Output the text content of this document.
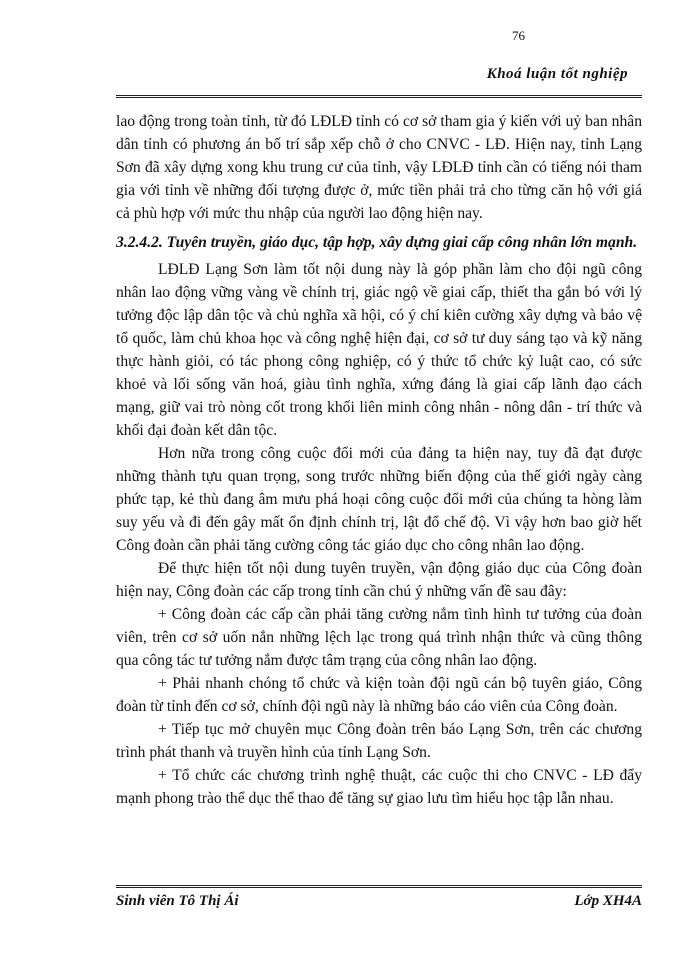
76
Khoá luận tốt nghiệp

lao động trong toàn tỉnh, từ đó LĐLĐ tỉnh có cơ sở tham gia ý kiến với uỷ ban nhân dân tỉnh có phương án bố trí sắp xếp chỗ ở cho CNVC - LĐ. Hiện nay, tỉnh Lạng Sơn đã xây dựng xong khu trung cư của tỉnh, vậy LĐLĐ tỉnh cần có tiếng nói tham gia với tỉnh về những đối tượng được ở, mức tiền phải trả cho từng căn hộ với giá cả phù hợp với mức thu nhập của người lao động hiện nay.

3.2.4.2. Tuyên truyền, giáo dục, tập hợp, xây dựng giai cấp công nhân lớn mạnh.

LĐLĐ Lạng Sơn làm tốt nội dung này là góp phần làm cho đội ngũ công nhân lao động vững vàng về chính trị, giác ngộ về giai cấp, thiết tha gắn bó với lý tưởng độc lập dân tộc và chủ nghĩa xã hội, có ý chí kiên cường xây dựng và bảo vệ tổ quốc, làm chủ khoa học và công nghệ hiện đại, cơ sở tư duy sáng tạo và kỹ năng thực hành giỏi, có tác phong công nghiệp, có ý thức tổ chức kỷ luật cao, có sức khoẻ và lối sống văn hoá, giàu tình nghĩa, xứng đáng là giai cấp lãnh đạo cách mạng, giữ vai trò nòng cốt trong khối liên minh công nhân - nông dân - trí thức và khối đại đoàn kết dân tộc.

Hơn nữa trong công cuộc đổi mới của đảng ta hiện nay, tuy đã đạt được những thành tựu quan trọng, song trước những biến động của thế giới ngày càng phức tạp, kẻ thù đang âm mưu phá hoại công cuộc đổi mới của chúng ta hòng làm suy yếu và đi đến gây mất ổn định chính trị, lật đổ chế độ. Vì vậy hơn bao giờ hết Công đoàn cần phải tăng cường công tác giáo dục cho công nhân lao động.

Để thực hiện tốt nội dung tuyên truyền, vận động giáo dục của Công đoàn hiện nay, Công đoàn các cấp trong tỉnh cần chú ý những vấn đề sau đây:

+ Công đoàn các cấp cần phải tăng cường nắm tình hình tư tưởng của đoàn viên, trên cơ sở uốn nắn những lệch lạc trong quá trình nhận thức và cũng thông qua công tác tư tưởng nắm được tâm trạng của công nhân lao động.

+ Phải nhanh chóng tổ chức và kiện toàn đội ngũ cán bộ tuyên giáo, Công đoàn từ tỉnh đến cơ sở, chính đội ngũ này là những báo cáo viên của Công đoàn.

+ Tiếp tục mở chuyên mục Công đoàn trên báo Lạng Sơn, trên các chương trình phát thanh và truyền hình của tỉnh Lạng Sơn.

+ Tổ chức các chương trình nghệ thuật, các cuộc thi cho CNVC - LĐ đẩy mạnh phong trào thể dục thể thao để tăng sự giao lưu tìm hiểu học tập lẫn nhau.

Sinh viên Tô Thị Ái	Lớp XH4A
